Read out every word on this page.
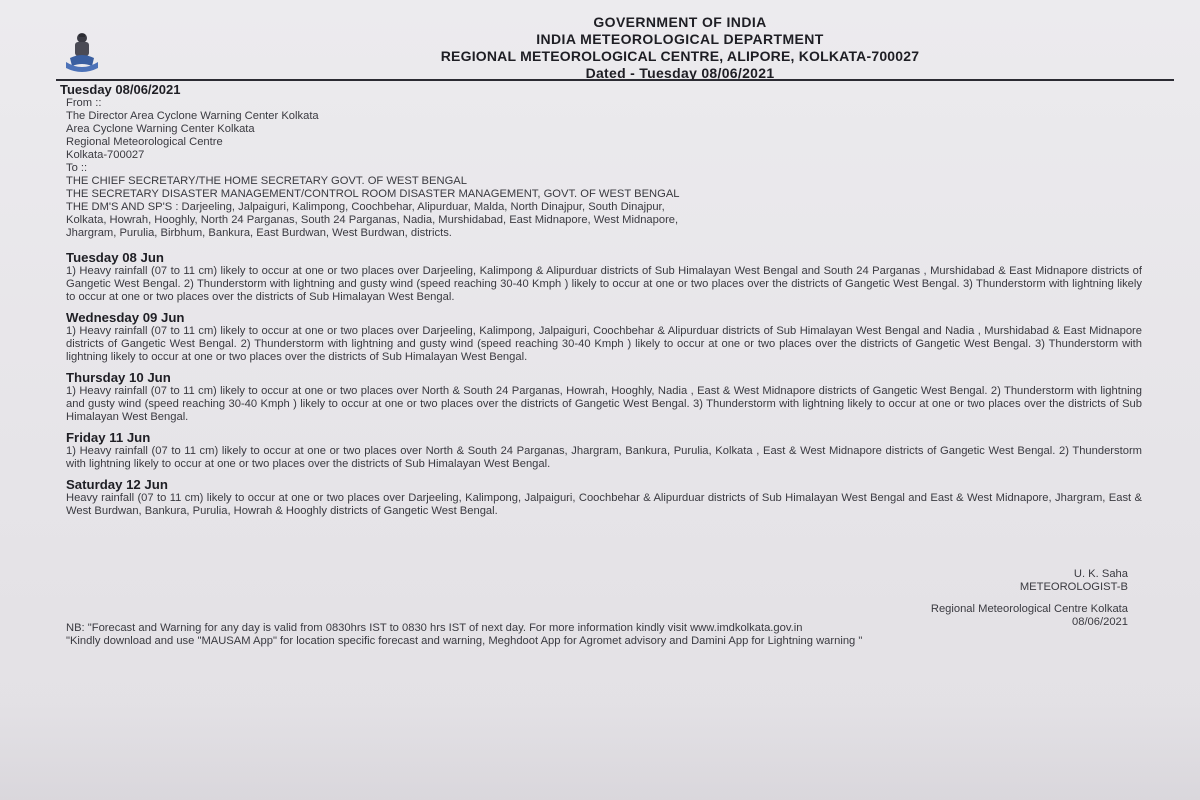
GOVERNMENT OF INDIA
INDIA METEOROLOGICAL DEPARTMENT
REGIONAL METEOROLOGICAL CENTRE, ALIPORE, KOLKATA-700027
Dated - Tuesday 08/06/2021
Tuesday 08/06/2021
From ::
The Director Area Cyclone Warning Center Kolkata
Area Cyclone Warning Center Kolkata
Regional Meteorological Centre
Kolkata-700027
To ::
THE CHIEF SECRETARY/THE HOME SECRETARY GOVT. OF WEST BENGAL
THE SECRETARY DISASTER MANAGEMENT/CONTROL ROOM DISASTER MANAGEMENT, GOVT. OF WEST BENGAL
THE DM'S AND SP'S : Darjeeling, Jalpaiguri, Kalimpong, Coochbehar, Alipurduar, Malda, North Dinajpur, South Dinajpur,
Kolkata, Howrah, Hooghly, North 24 Parganas, South 24 Parganas, Nadia, Murshidabad, East Midnapore, West Midnapore,
Jhargram, Purulia, Birbhum, Bankura, East Burdwan, West Burdwan, districts.
Tuesday 08 Jun

1) Heavy rainfall (07 to 11 cm) likely to occur at one or two places over Darjeeling, Kalimpong & Alipurduar districts of Sub Himalayan West Bengal and South 24 Parganas , Murshidabad & East Midnapore districts of Gangetic West Bengal. 2) Thunderstorm with lightning and gusty wind (speed reaching 30-40 Kmph ) likely to occur at one or two places over the districts of Gangetic West Bengal. 3) Thunderstorm with lightning likely to occur at one or two places over the districts of Sub Himalayan West Bengal.

Wednesday 09 Jun

1) Heavy rainfall (07 to 11 cm) likely to occur at one or two places over Darjeeling, Kalimpong, Jalpaiguri, Coochbehar & Alipurduar districts of Sub Himalayan West Bengal and Nadia , Murshidabad & East Midnapore districts of Gangetic West Bengal. 2) Thunderstorm with lightning and gusty wind (speed reaching 30-40 Kmph ) likely to occur at one or two places over the districts of Gangetic West Bengal. 3) Thunderstorm with lightning likely to occur at one or two places over the districts of Sub Himalayan West Bengal.

Thursday 10 Jun

1) Heavy rainfall (07 to 11 cm) likely to occur at one or two places over North & South 24 Parganas, Howrah, Hooghly, Nadia , East & West Midnapore districts of Gangetic West Bengal. 2) Thunderstorm with lightning and gusty wind (speed reaching 30-40 Kmph ) likely to occur at one or two places over the districts of Gangetic West Bengal. 3) Thunderstorm with lightning likely to occur at one or two places over the districts of Sub Himalayan West Bengal.

Friday 11 Jun

1) Heavy rainfall (07 to 11 cm) likely to occur at one or two places over North & South 24 Parganas, Jhargram, Bankura, Purulia, Kolkata , East & West Midnapore districts of Gangetic West Bengal. 2) Thunderstorm with lightning likely to occur at one or two places over the districts of Sub Himalayan West Bengal.

Saturday 12 Jun

Heavy rainfall (07 to 11 cm) likely to occur at one or two places over Darjeeling, Kalimpong, Jalpaiguri, Coochbehar & Alipurduar districts of Sub Himalayan West Bengal and East & West Midnapore, Jhargram, East & West Burdwan, Bankura, Purulia, Howrah & Hooghly districts of Gangetic West Bengal.

U. K. Saha
METEOROLOGIST-B
Regional Meteorological Centre Kolkata
08/06/2021
NB: "Forecast and Warning for any day is valid from 0830hrs IST to 0830 hrs IST of next day. For more information kindly visit www.imdkolkata.gov.in
"Kindly download and use "MAUSAM App" for location specific forecast and warning, Meghdoot App for Agromet advisory and Damini App for Lightning warning "
